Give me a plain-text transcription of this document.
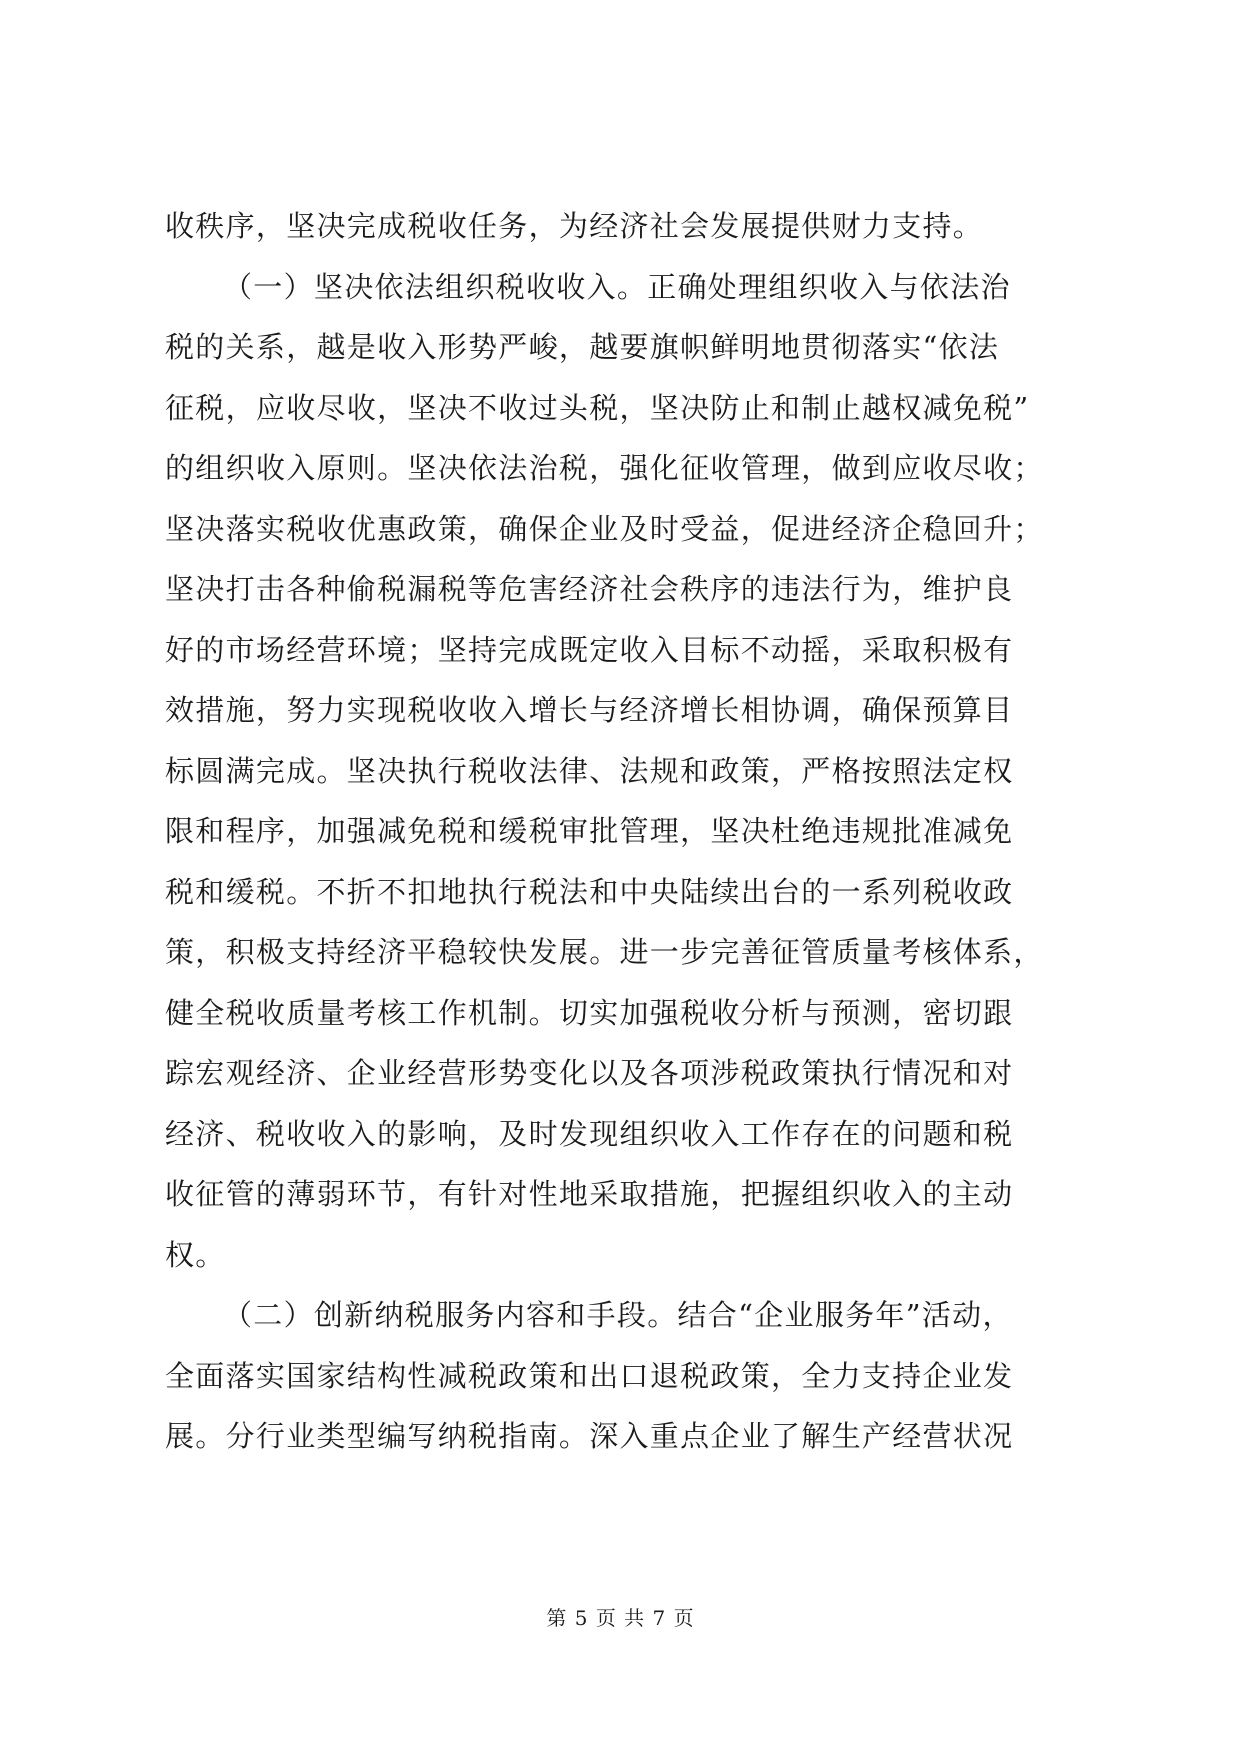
收秩序，坚决完成税收任务，为经济社会发展提供财力支持。
（一）坚决依法组织税收收入。正确处理组织收入与依法治
税的关系，越是收入形势严峻，越要旗帜鲜明地贯彻落实“依法
征税，应收尽收，坚决不收过头税，坚决防止和制止越权减免税”
的组织收入原则。坚决依法治税，强化征收管理，做到应收尽收；
坚决落实税收优惠政策，确保企业及时受益，促进经济企稳回升；
坚决打击各种偷税漏税等危害经济社会秩序的违法行为，维护良
好的市场经营环境；坚持完成既定收入目标不动摇，采取积极有
效措施，努力实现税收收入增长与经济增长相协调，确保预算目
标圆满完成。坚决执行税收法律、法规和政策，严格按照法定权
限和程序，加强减免税和缓税审批管理，坚决杜绝违规批准减免
税和缓税。不折不扣地执行税法和中央陆续出台的一系列税收政
策，积极支持经济平稳较快发展。进一步完善征管质量考核体系，
健全税收质量考核工作机制。切实加强税收分析与预测，密切跟
踪宏观经济、企业经营形势变化以及各项涉税政策执行情况和对
经济、税收收入的影响，及时发现组织收入工作存在的问题和税
收征管的薄弱环节，有针对性地采取措施，把握组织收入的主动
权。
（二）创新纳税服务内容和手段。结合“企业服务年”活动，
全面落实国家结构性减税政策和出口退税政策，全力支持企业发
展。分行业类型编写纳税指南。深入重点企业了解生产经营状况
第 5 页 共 7 页
